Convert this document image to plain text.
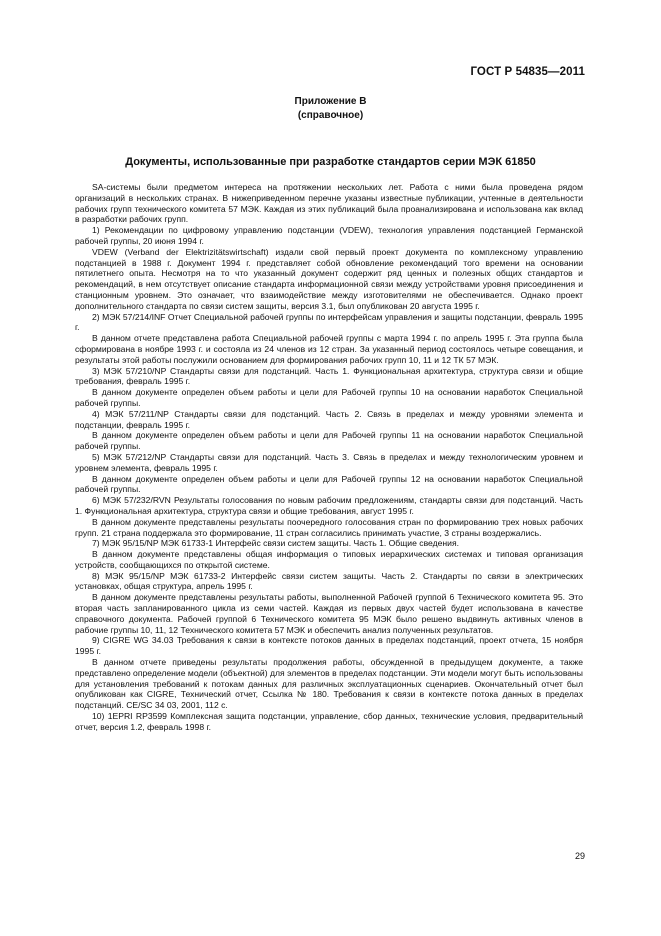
ГОСТ Р 54835—2011
Приложение В
(справочное)
Документы, использованные при разработке стандартов серии МЭК 61850

SA-системы были предметом интереса на протяжении нескольких лет. Работа с ними была проведена рядом организаций в нескольких странах. В нижеприведенном перечне указаны известные публикации, учтенные в деятельности рабочих групп технического комитета 57 МЭК. Каждая из этих публикаций была проанализирована и использована как вклад в разработки рабочих групп.

1) Рекомендации по цифровому управлению подстанции (VDEW), технология управления подстанцией Германской рабочей группы, 20 июня 1994 г.

VDEW (Verband der Elektrizitätswirtschaft) издали свой первый проект документа по комплексному управлению подстанцией в 1988 г. Документ 1994 г. представляет собой обновление рекомендаций того времени на основании пятилетнего опыта. Несмотря на то что указанный документ содержит ряд ценных и полезных общих стандартов и рекомендаций, в нем отсутствует описание стандарта информационной связи между устройствами уровня присоединения и станционным уровнем. Это означает, что взаимодействие между изготовителями не обеспечивается. Однако проект дополнительного стандарта по связи систем защиты, версия 3.1, был опубликован 20 августа 1995 г.

2) МЭК 57/214/INF Отчет Специальной рабочей группы по интерфейсам управления и защиты подстанции, февраль 1995 г.

В данном отчете представлена работа Специальной рабочей группы с марта 1994 г. по апрель 1995 г. Эта группа была сформирована в ноябре 1993 г. и состояла из 24 членов из 12 стран. За указанный период состоялось четыре совещания, и результаты этой работы послужили основанием для формирования рабочих групп 10, 11 и 12 ТК 57 МЭК.

3) МЭК 57/210/NP Стандарты связи для подстанций. Часть 1. Функциональная архитектура, структура связи и общие требования, февраль 1995 г.

В данном документе определен объем работы и цели для Рабочей группы 10 на основании наработок Специальной рабочей группы.

4) МЭК 57/211/NP Стандарты связи для подстанций. Часть 2. Связь в пределах и между уровнями элемента и подстанции, февраль 1995 г.

В данном документе определен объем работы и цели для Рабочей группы 11 на основании наработок Специальной рабочей группы.

5) МЭК 57/212/NP Стандарты связи для подстанций. Часть 3. Связь в пределах и между технологическим уровнем и уровнем элемента, февраль 1995 г.

В данном документе определен объем работы и цели для Рабочей группы 12 на основании наработок Специальной рабочей группы.

6) МЭК 57/232/RVN Результаты голосования по новым рабочим предложениям, стандарты связи для подстанций. Часть 1. Функциональная архитектура, структура связи и общие требования, август 1995 г.

В данном документе представлены результаты поочередного голосования стран по формированию трех новых рабочих групп. 21 страна поддержала это формирование, 11 стран согласились принимать участие, 3 страны воздержались.

7) МЭК 95/15/NP МЭК 61733-1 Интерфейс связи систем защиты. Часть 1. Общие сведения.

В данном документе представлены общая информация о типовых иерархических системах и типовая организация устройств, сообщающихся по открытой системе.

8) МЭК 95/15/NP МЭК 61733-2 Интерфейс связи систем защиты. Часть 2. Стандарты по связи в электрических установках, общая структура, апрель 1995 г.

В данном документе представлены результаты работы, выполненной Рабочей группой 6 Технического комитета 95. Это вторая часть запланированного цикла из семи частей. Каждая из первых двух частей будет использована в качестве справочного документа. Рабочей группой 6 Технического комитета 95 МЭК было решено выдвинуть активных членов в рабочие группы 10, 11, 12 Технического комитета 57 МЭК и обеспечить анализ полученных результатов.

9) CIGRE WG 34.03 Требования к связи в контексте потоков данных в пределах подстанций, проект отчета, 15 ноября 1995 г.

В данном отчете приведены результаты продолжения работы, обсужденной в предыдущем документе, а также представлено определение модели (объектной) для элементов в пределах подстанции. Эти модели могут быть использованы для установления требований к потокам данных для различных эксплуатационных сценариев. Окончательный отчет был опубликован как CIGRE, Технический отчет, Ссылка № 180. Требования к связи в контексте потока данных в пределах подстанций. CE/SC 34 03, 2001, 112 с.

10) 1EPRI RP3599 Комплексная защита подстанции, управление, сбор данных, технические условия, предварительный отчет, версия 1.2, февраль 1998 г.

29
